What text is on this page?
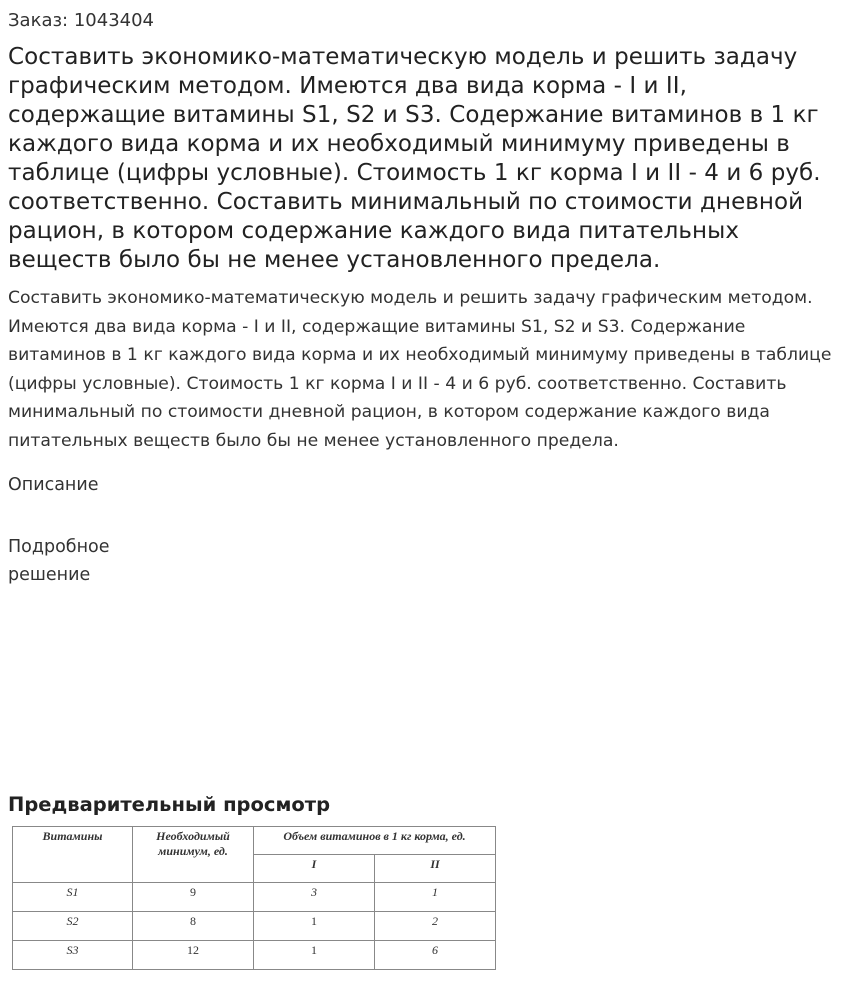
Заказ: 1043404
Составить экономико-математическую модель и решить задачу графическим методом. Имеются два вида корма - I и II, содержащие витамины S1, S2 и S3. Содержание витаминов в 1 кг каждого вида корма и их необходимый минимуму приведены в таблице (цифры условные). Стоимость 1 кг корма I и II - 4 и 6 руб. соответственно. Составить минимальный по стоимости дневной рацион, в котором содержание каждого вида питательных веществ было бы не менее установленного предела.

Составить экономико-математическую модель и решить задачу графическим методом. Имеются два вида корма - I и II, содержащие витамины S1, S2 и S3. Содержание витаминов в 1 кг каждого вида корма и их необходимый минимуму приведены в таблице (цифры условные). Стоимость 1 кг корма I и II - 4 и 6 руб. соответственно. Составить минимальный по стоимости дневной рацион, в котором содержание каждого вида питательных веществ было бы не менее установленного предела.

Описание
Подробное решение
Предварительный просмотр
Витамины	Необходимый минимум, ед.	Объем витаминов в 1 кг корма, ед.	
		I	II
S1	9	3	1
S2	8	1	2
S3	12	1	6
